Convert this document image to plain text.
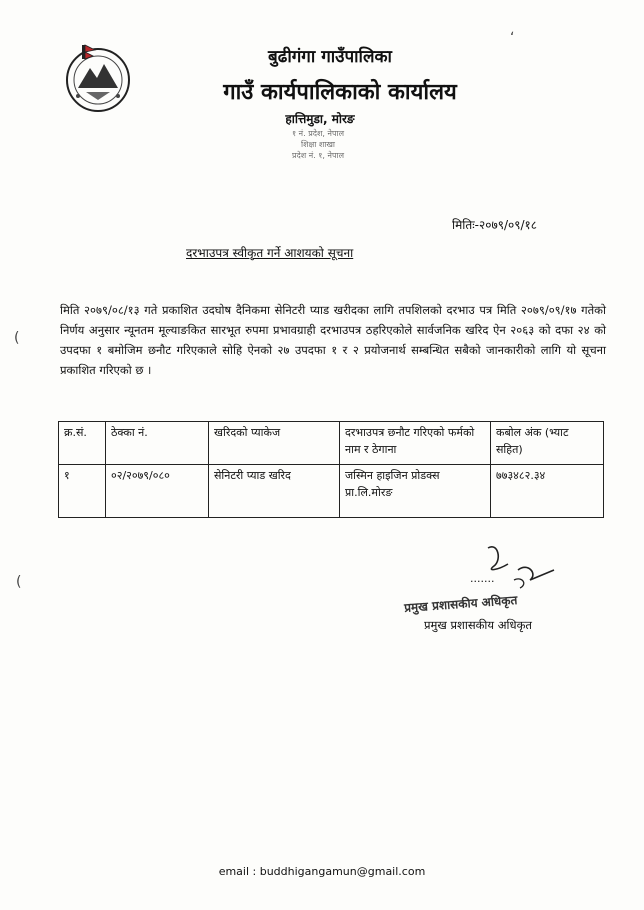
बुढीगंगा गाउँपालिका
गाउँ कार्यपालिकाको कार्यालय
हात्तिमुडा, मोरङ
१ नं. प्रदेश, नेपाल
शिक्षा शाखा
प्रदेश नं. १, नेपाल
मितिः-२०७९/०९/१८
दरभाउपत्र स्वीकृत गर्ने आशयको सूचना
मिति २०७९/०८/१३ गते प्रकाशित उदघोष दैनिकमा सेनिटरी प्याड खरीदका लागि तपशिलको दरभाउ पत्र मिति २०७९/०९/१७ गतेको निर्णय अनुसार न्यूनतम मूल्याङकित सारभूत रुपमा प्रभावग्राही दरभाउपत्र ठहरिएकोले सार्वजनिक खरिद ऐन २०६३ को दफा २४ को उपदफा १ बमोजिम छनौट गरिएकाले सोहि ऐनको २७ उपदफा १ र २ प्रयोजनार्थ सम्बन्धित सबैको जानकारीको लागि यो सूचना प्रकाशित गरिएको छ ।
क्र.सं.	ठेक्का नं.	खरिदको प्याकेज	दरभाउपत्र छनौट गरिएको फर्मको नाम र ठेगाना	कबोल अंक (भ्याट सहित)
१	०२/२०७९/०८०	सेनिटरी प्याड खरिद	जस्मिन हाइजिन प्रोडक्स प्रा.लि.मोरङ	७७३४८२.३४
.......
प्रमुख प्रशासकीय अधिकृत
प्रमुख प्रशासकीय अधिकृत
(
(
ʻ
email : buddhigangamun@gmail.com
